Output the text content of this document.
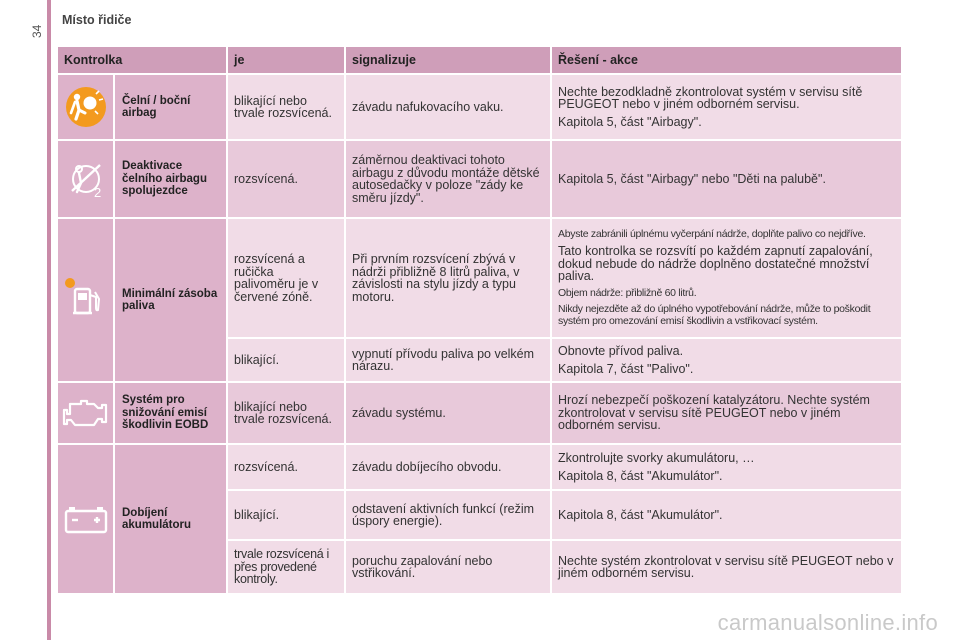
34
Místo řidiče
Kontrolka		je	signalizuje	Řešení - akce

	Čelní / boční airbag	blikající nebo trvale rozsvícená.	závadu nafukovacího vaku.	Nechte bezodkladně zkontrolovat systém v servisu sítě PEUGEOT nebo v jiném odborném servisu.

Kapitola 5, část "Airbagy".

2	Deaktivace čelního airbagu spolujezdce	rozsvícená.	záměrnou deaktivaci tohoto airbagu z důvodu montáže dětské autosedačky v poloze "zády ke směru jízdy".	Kapitola 5, část "Airbagy" nebo "Děti na palubě".

	Minimální zásoba paliva	rozsvícená a ručička palivoměru je v červené zóně.	Při prvním rozsvícení zbývá v nádrži přibližně 8 litrů paliva, v závislosti na stylu jízdy a typu motoru.	Abyste zabránili úplnému vyčerpání nádrže, doplňte palivo co nejdříve.

Tato kontrolka se rozsvítí po každém zapnutí zapalování, dokud nebude do nádrže doplněno dostatečné množství paliva.

Objem nádrže: přibližně 60 litrů.

Nikdy nejezděte až do úplného vypotřebování nádrže, může to poškodit systém pro omezování emisí škodlivin a vstřikovací systém.

		blikající.	vypnutí přívodu paliva po velkém nárazu.	Obnovte přívod paliva.

Kapitola 7, část "Palivo".

	Systém pro snižování emisí škodlivin EOBD	blikající nebo trvale rozsvícená.	závadu systému.	Hrozí nebezpečí poškození katalyzátoru. Nechte systém zkontrolovat v servisu sítě PEUGEOT nebo v jiném odborném servisu.

	Dobíjení akumulátoru	rozsvícená.	závadu dobíjecího obvodu.	Zkontrolujte svorky akumulátoru, …

Kapitola 8, část "Akumulátor".

		blikající.	odstavení aktivních funkcí (režim úspory energie).	Kapitola 8, část "Akumulátor".

		trvale rozsvícená i přes provedené kontroly.	poruchu zapalování nebo vstřikování.	Nechte systém zkontrolovat v servisu sítě PEUGEOT nebo v jiném odborném servisu.

carmanualsonline.info
